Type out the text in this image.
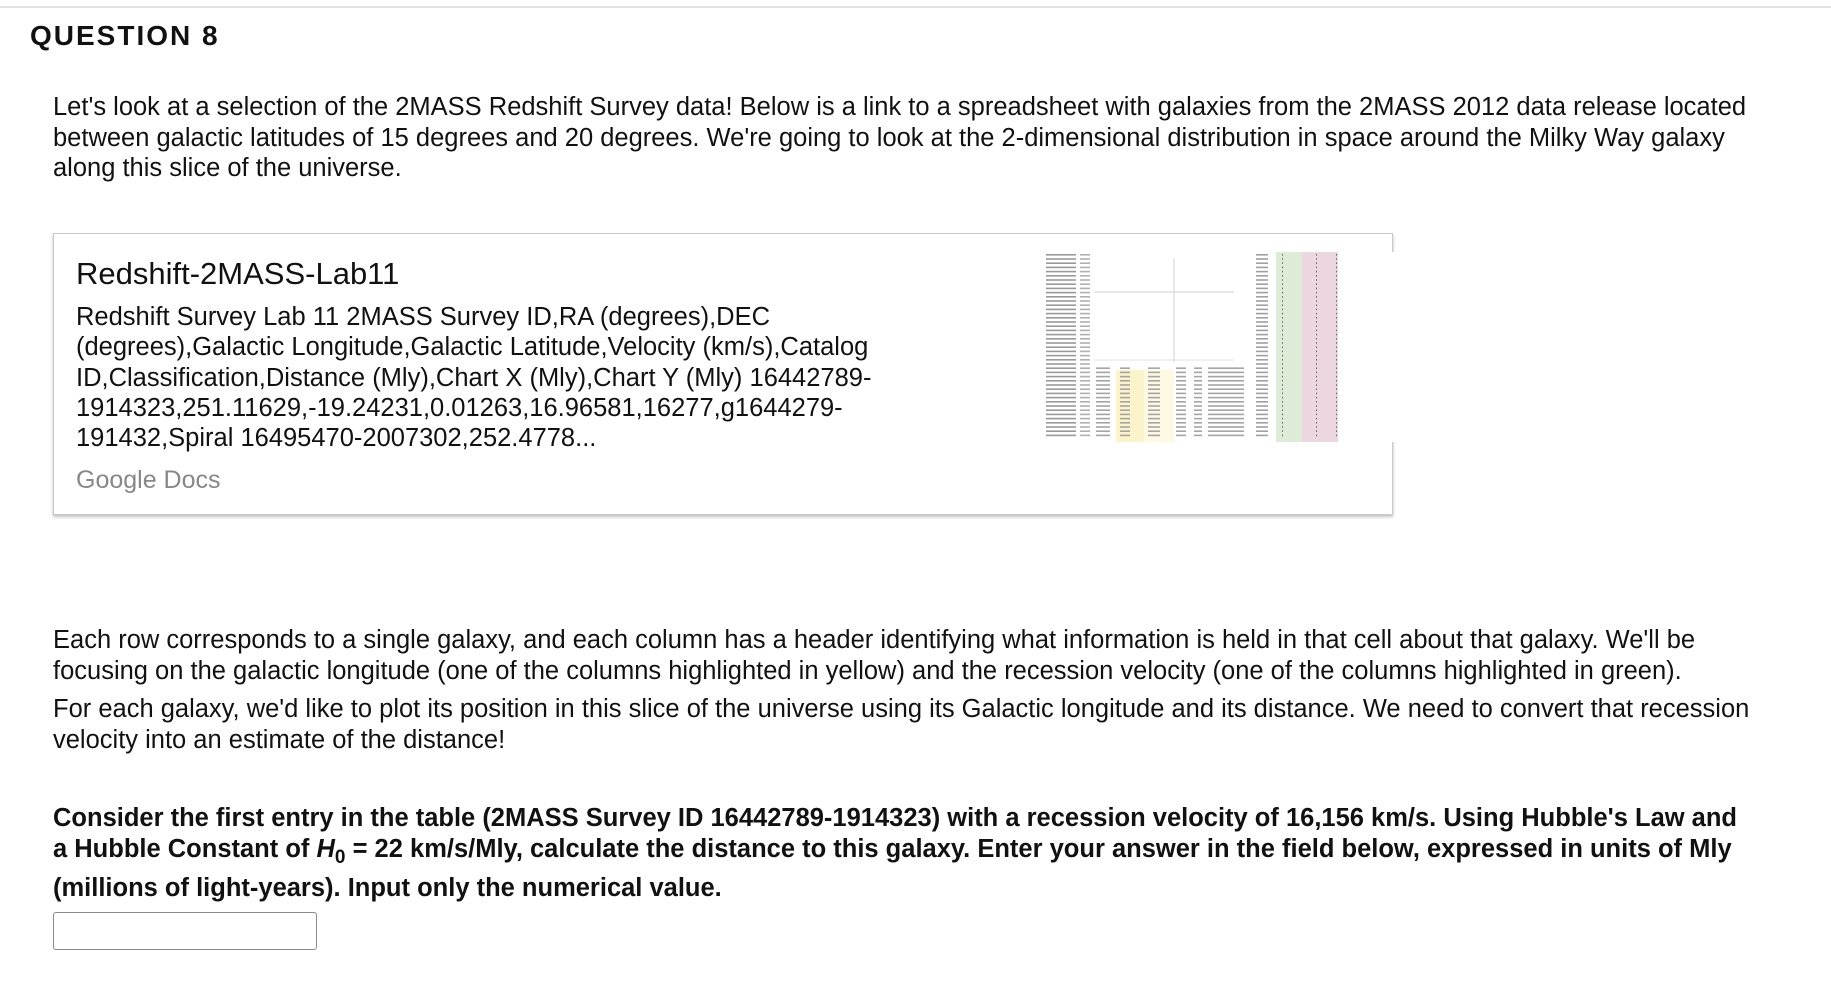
QUESTION 8

Let's look at a selection of the 2MASS Redshift Survey data! Below is a link to a spreadsheet with galaxies from the 2MASS 2012 data release located between galactic latitudes of 15 degrees and 20 degrees. We're going to look at the 2-dimensional distribution in space around the Milky Way galaxy along this slice of the universe.

Redshift-2MASS-Lab11
Redshift Survey Lab 11 2MASS Survey ID,RA (degrees),DEC (degrees),Galactic Longitude,Galactic Latitude,Velocity (km/s),Catalog ID,Classification,Distance (Mly),Chart X (Mly),Chart Y (Mly) 16442789-1914323,251.11629,-19.24231,0.01263,16.96581,16277,g1644279-191432,Spiral 16495470-2007302,252.4778...
Google Docs

Each row corresponds to a single galaxy, and each column has a header identifying what information is held in that cell about that galaxy. We'll be focusing on the galactic longitude (one of the columns highlighted in yellow) and the recession velocity (one of the columns highlighted in green).

For each galaxy, we'd like to plot its position in this slice of the universe using its Galactic longitude and its distance. We need to convert that recession velocity into an estimate of the distance!

Consider the first entry in the table (2MASS Survey ID 16442789-1914323) with a recession velocity of 16,156 km/s. Using Hubble's Law and a Hubble Constant of $H_0 = 22$ km/s/Mly, calculate the distance to this galaxy. Enter your answer in the field below, expressed in units of Mly (millions of light-years). Input only the numerical value.
